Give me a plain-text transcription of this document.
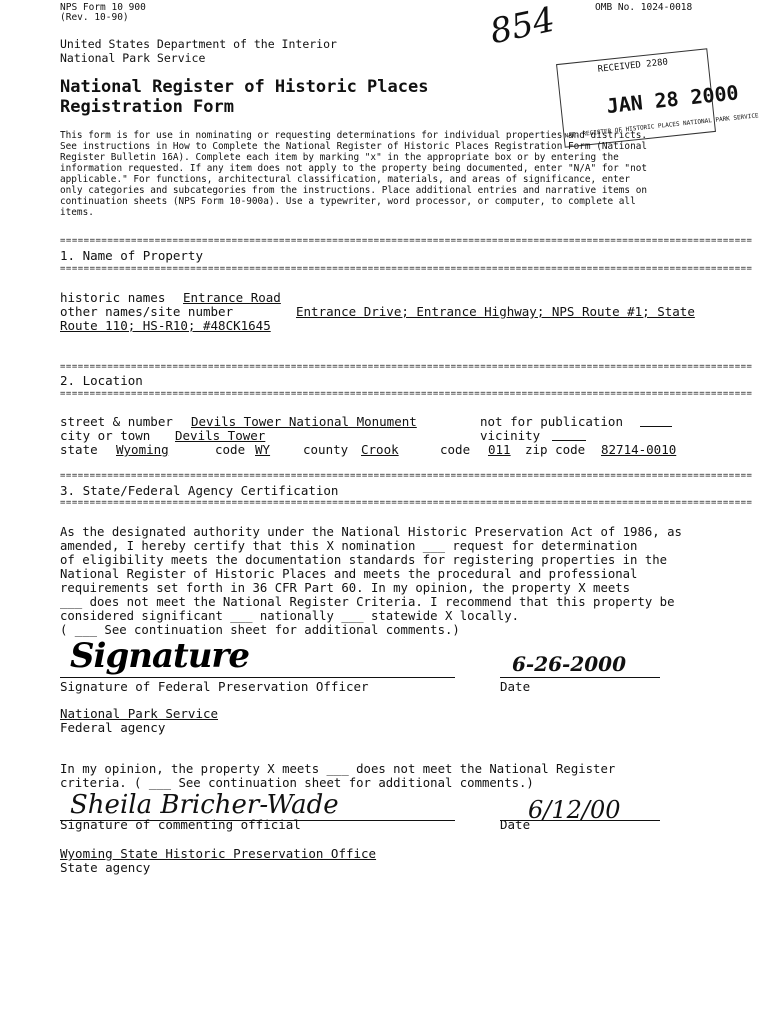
NPS Form 10 900
(Rev. 10-90)
OMB No. 1024-0018
854
United States Department of the Interior
National Park Service
National Register of Historic Places
Registration Form
RECEIVED 2280
JAN 28 2000
NAT. REGISTER OF HISTORIC PLACES NATIONAL PARK SERVICE
This form is for use in nominating or requesting determinations for individual properties and districts.
See instructions in How to Complete the National Register of Historic Places Registration Form (National
Register Bulletin 16A). Complete each item by marking "x" in the appropriate box or by entering the
information requested. If any item does not apply to the property being documented, enter "N/A" for "not
applicable." For functions, architectural classification, materials, and areas of significance, enter
only categories and subcategories from the instructions. Place additional entries and narrative items on
continuation sheets (NPS Form 10-900a). Use a typewriter, word processor, or computer, to complete all
items.
=====================================================================================================================
1. Name of Property
=====================================================================================================================
historic names Entrance Road
other names/site number	Entrance Drive; Entrance Highway; NPS Route #1; State
Route 110; HS-R10; #48CK1645
=====================================================================================================================
2. Location
=====================================================================================================================
street & number Devils Tower National Monument	not for publication
city or town Devils Tower	vicinity
state Wyoming	code WY	county Crook	code 011 zip code 82714-0010
=====================================================================================================================
3. State/Federal Agency Certification
=====================================================================================================================
As the designated authority under the National Historic Preservation Act of 1986, as
amended, I hereby certify that this X nomination ___ request for determination
of eligibility meets the documentation standards for registering properties in the
National Register of Historic Places and meets the procedural and professional
requirements set forth in 36 CFR Part 60. In my opinion, the property X meets
___ does not meet the National Register Criteria. I recommend that this property be
considered significant ___ nationally ___ statewide X locally.
( ___ See continuation sheet for additional comments.)
Signature	6-26-2000
Signature of Federal Preservation Officer	Date
National Park Service
Federal agency
In my opinion, the property X meets ___ does not meet the National Register
criteria. ( ___ See continuation sheet for additional comments.)
Sheila Bricher-Wade	6/12/00
Signature of commenting official	Date
Wyoming State Historic Preservation Office
State agency
